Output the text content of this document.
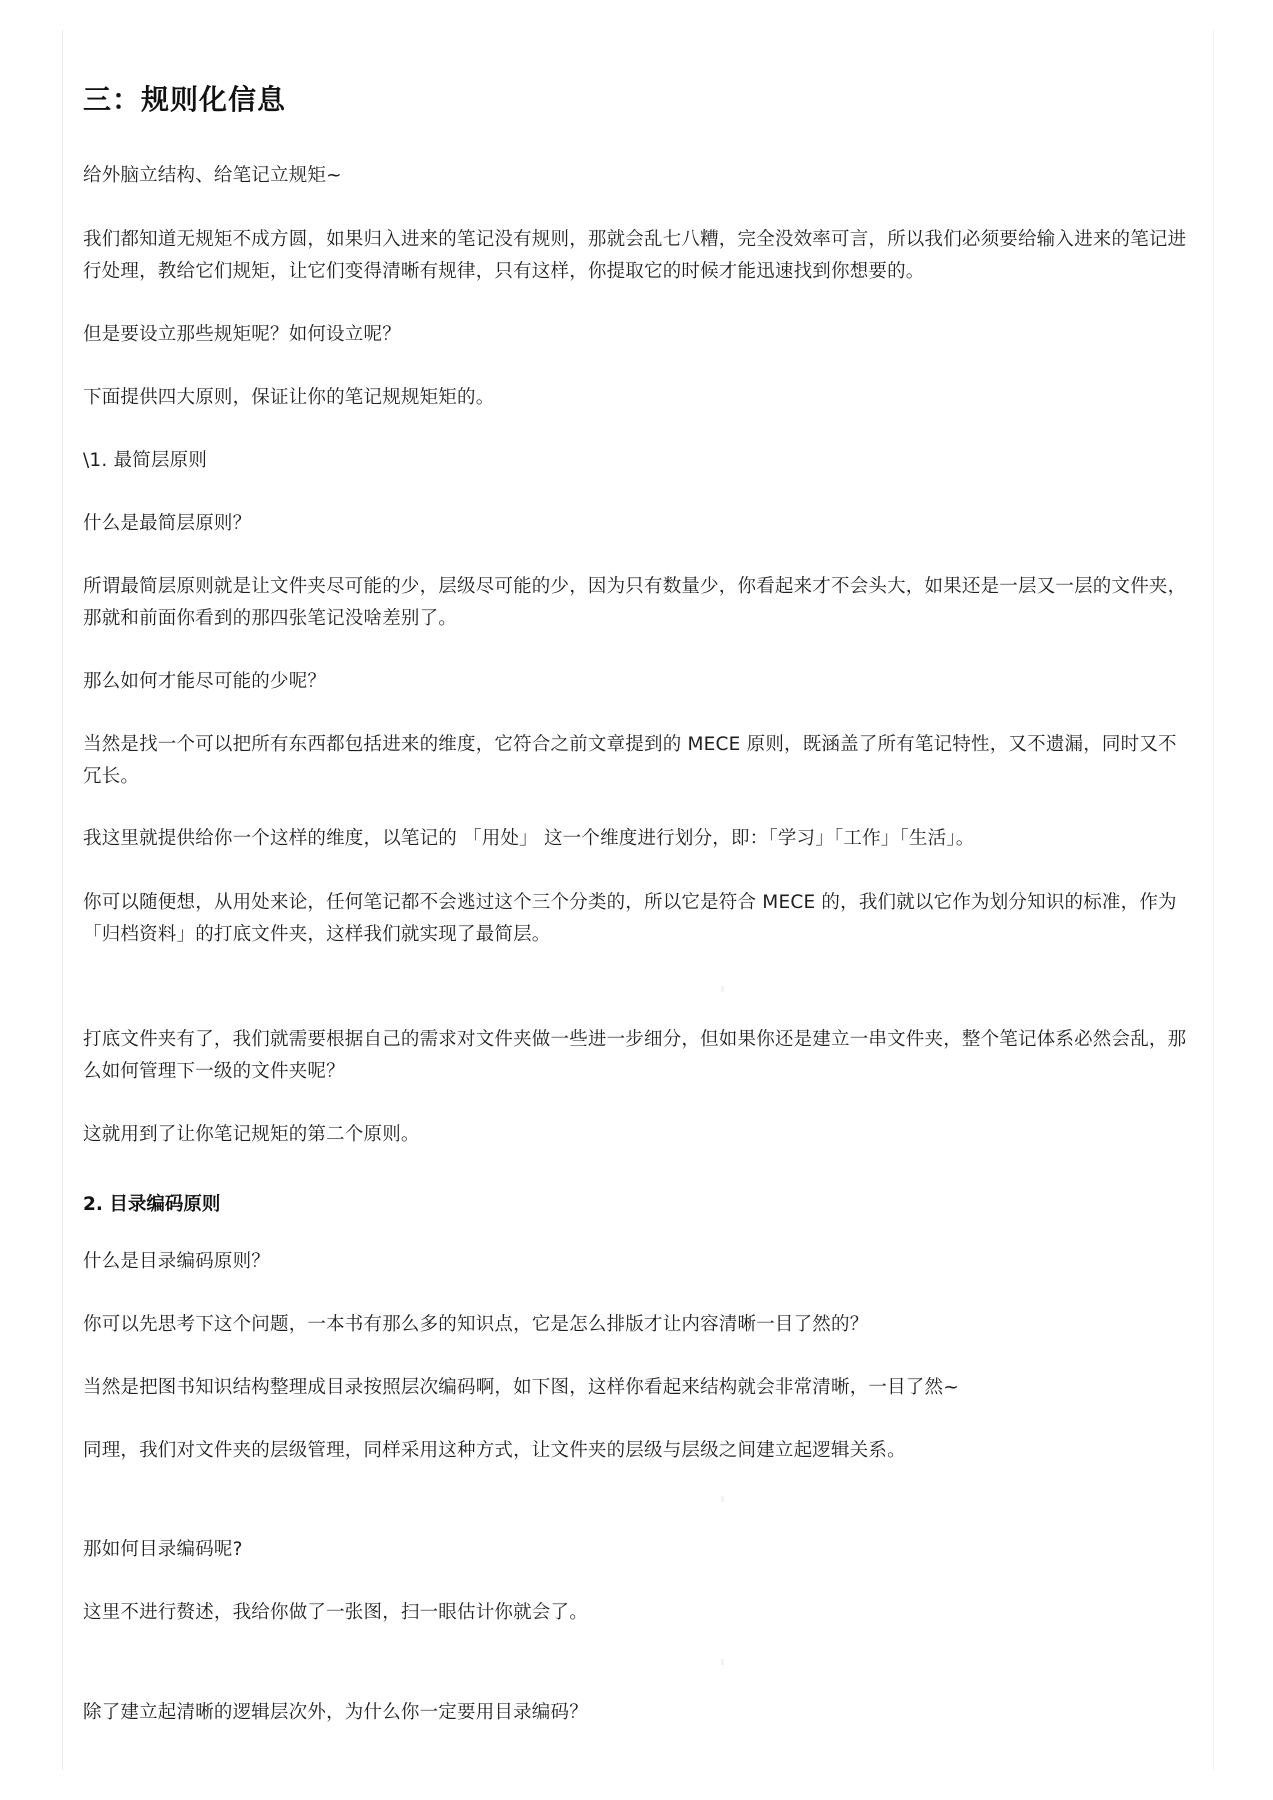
三：规则化信息

给外脑立结构、给笔记立规矩~

我们都知道无规矩不成方圆，如果归入进来的笔记没有规则，那就会乱七八糟，完全没效率可言，所以我们必须要给输入进来的笔记进行处理，教给它们规矩，让它们变得清晰有规律，只有这样，你提取它的时候才能迅速找到你想要的。

但是要设立那些规矩呢？如何设立呢？

下面提供四大原则，保证让你的笔记规规矩矩的。

\1. 最简层原则

什么是最简层原则？

所谓最简层原则就是让文件夹尽可能的少，层级尽可能的少，因为只有数量少，你看起来才不会头大，如果还是一层又一层的文件夹，那就和前面你看到的那四张笔记没啥差别了。

那么如何才能尽可能的少呢？

当然是找一个可以把所有东西都包括进来的维度，它符合之前文章提到的 MECE 原则，既涵盖了所有笔记特性，又不遗漏，同时又不冗长。

我这里就提供给你一个这样的维度，以笔记的 「用处」 这一个维度进行划分，即：「学习」「工作」「生活」。

你可以随便想，从用处来论，任何笔记都不会逃过这个三个分类的，所以它是符合 MECE 的，我们就以它作为划分知识的标准，作为「归档资料」的打底文件夹，这样我们就实现了最简层。

打底文件夹有了，我们就需要根据自己的需求对文件夹做一些进一步细分，但如果你还是建立一串文件夹，整个笔记体系必然会乱，那么如何管理下一级的文件夹呢？

这就用到了让你笔记规矩的第二个原则。

2. 目录编码原则

什么是目录编码原则？

你可以先思考下这个问题，一本书有那么多的知识点，它是怎么排版才让内容清晰一目了然的？

当然是把图书知识结构整理成目录按照层次编码啊，如下图，这样你看起来结构就会非常清晰，一目了然~

同理，我们对文件夹的层级管理，同样采用这种方式，让文件夹的层级与层级之间建立起逻辑关系。

那如何目录编码呢?

这里不进行赘述，我给你做了一张图，扫一眼估计你就会了。

除了建立起清晰的逻辑层次外，为什么你一定要用目录编码？
